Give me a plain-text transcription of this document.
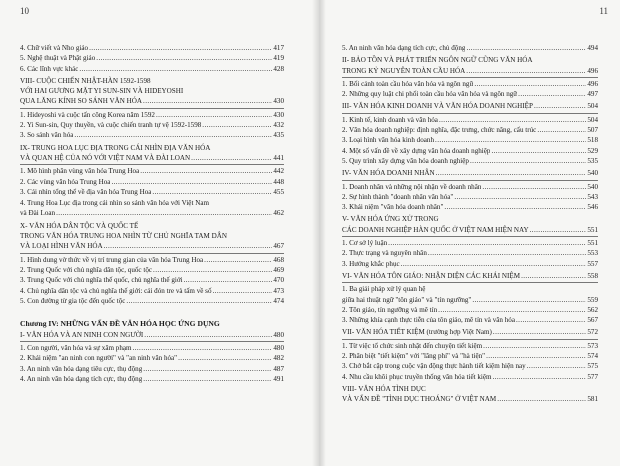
10
4. Chữ viết và Nho giáo .....	417
5. Nghệ thuật và Phật giáo .....	419
6. Các lĩnh vực khác .....	428
VIII- CUỘC CHIẾN NHẬT-HÀN 1592-1598
VỚI HAI GƯƠNG MẶT YI SUN-SIN VÀ HIDEYOSHI
QUA LĂNG KÍNH SO SÁNH VĂN HÓA .....	430
1. Hideyoshi và cuộc tấn công Korea năm 1592 .....	430
2. Yi Sun-sin, Quy thuyền, và cuộc chiến tranh tự vệ 1592-1598 .....	432
3. So sánh văn hóa .....	435
IX- TRUNG HOA LỤC ĐỊA TRONG CÁI NHÌN ĐỊA VĂN HÓA
VÀ QUAN HỆ CỦA NÓ VỚI VIỆT NAM VÀ ĐÀI LOAN .....	441
1. Mô hình phân vùng văn hóa Trung Hoa .....	442
2. Các vùng văn hóa Trung Hoa .....	448
3. Cái nhìn tổng thể về địa văn hóa Trung Hoa .....	455
4. Trung Hoa Lục địa trong cái nhìn so sánh văn hóa với Việt Nam
và Đài Loan .....	462
X- VĂN HÓA DÂN TỘC VÀ QUỐC TẾ
TRONG VĂN HÓA TRUNG HOA NHÌN TỪ CHỦ NGHĨA TAM DÂN
VÀ LOẠI HÌNH VĂN HÓA .....	467
1. Hình dung vờ thức về vị trí trung gian của văn hóa Trung Hoa .....	468
2. Trung Quốc với chủ nghĩa dân tộc, quốc tộc .....	469
3. Trung Quốc với chủ nghĩa thế quốc, chủ nghĩa thế giới .....	470
4. Chủ nghĩa dân tộc và chủ nghĩa thế giới: cái đón tre và tấm về số .....	473
5. Con đường từ gia tộc đến quốc tộc .....	474
Chương IV: NHỮNG VẤN ĐỀ VĂN HÓA HỌC ỨNG DỤNG
I- VĂN HÓA VÀ AN NINH CON NGƯỜI .....	480
1. Con người, văn hóa và sự xâm phạm .....	480
2. Khái niệm "an ninh con người" và "an ninh văn hóa" .....	482
3. An ninh văn hóa dạng tiêu cực, thụ động .....	487
4. An ninh văn hóa dạng tích cực, thụ động .....	491
11
5. An ninh văn hóa dạng tích cực, chủ động .....	494
II- BẢO TỒN VÀ PHÁT TRIỂN NGÔN NGỮ CŨNG VĂN HÓA
TRONG KỶ NGUYÊN TOÀN CẦU HÓA .....	496
1. Bối cảnh toàn cầu hóa văn hóa và ngôn ngữ .....	496
2. Những quy luật chi phối toàn cầu hóa văn hóa và ngôn ngữ .....	497
III- VĂN HÓA KINH DOANH VÀ VĂN HÓA DOANH NGHIỆP .....	504
1. Kinh tế, kinh doanh và văn hóa .....	504
2. Văn hóa doanh nghiệp: định nghĩa, đặc trưng, chức năng, cấu trúc .....	507
3. Loại hình văn hóa kinh doanh .....	518
4. Một số vấn đề về xây dựng văn hóa doanh nghiệp .....	529
5. Quy trình xây dựng văn hóa doanh nghiệp .....	535
IV- VĂN HÓA DOANH NHÂN .....	540
1. Doanh nhân và những nội nhận về doanh nhân .....	540
2. Sự hình thành "doanh nhân văn hóa" .....	543
3. Khái niệm "văn hóa doanh nhân" .....	546
V- VĂN HÓA ỨNG XỬ TRONG
CÁC DOANH NGHIỆP HÀN QUỐC Ở VIỆT NAM HIỆN NAY .....	551
1. Cơ sở lý luận .....	551
2. Thực trạng và nguyên nhân .....	553
3. Hướng khắc phục .....	557
VI- VĂN HÓA TÔN GIÁO: NHẬN DIỆN CÁC KHÁI NIỆM .....	558
1. Ba giải pháp xử lý quan hệ
giữa hai thuật ngữ "tôn giáo" và "tín ngưỡng" .....	559
2. Tôn giáo, tín ngưỡng và mê tín .....	562
3. Những khía cạnh thực tiễn của tôn giáo, mê tín và văn hóa .....	567
VII- VĂN HÓA TIẾT KIỆM (trường hợp Việt Nam) .....	572
1. Từ việc tổ chức sinh nhật đến chuyện tiết kiệm .....	573
2. Phân biệt "tiết kiệm" với "lãng phí" và "hà tiện" .....	574
3. Chớ bắt cặp trong cuộc vận động thực hành tiết kiệm hiện nay .....	575
4. Nhu cầu khôi phục truyền thống văn hóa tiết kiệm .....	577
VIII- VĂN HÓA TÌNH DỤC
VÀ VẤN ĐỀ "TÌNH DỤC THOÁNG" Ở VIỆT NAM .....	581
